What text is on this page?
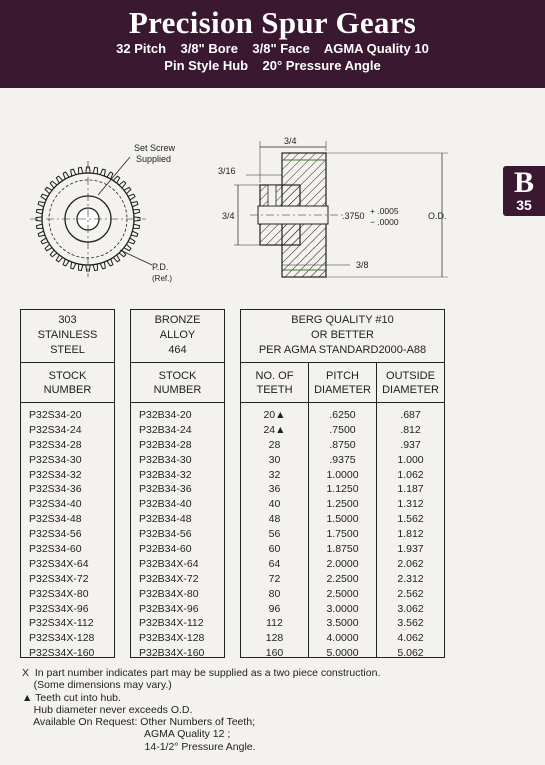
Precision Spur Gears
32 Pitch    3/8" Bore    3/8" Face    AGMA Quality 10
Pin Style Hub    20° Pressure Angle
B
35
Set Screw
Supplied
P.D.
(Ref.)
3/4
3/16
3/4	.3750 + .0005
− .0000
3/8
O.D.
303
STAINLESS
STEEL
STOCK
NUMBER
P32S34-20
P32S34-24
P32S34-28
P32S34-30
P32S34-32
P32S34-36
P32S34-40
P32S34-48
P32S34-56
P32S34-60
P32S34X-64
P32S34X-72
P32S34X-80
P32S34X-96
P32S34X-112
P32S34X-128
P32S34X-160
BRONZE
ALLOY
464
STOCK
NUMBER
P32B34-20
P32B34-24
P32B34-28
P32B34-30
P32B34-32
P32B34-36
P32B34-40
P32B34-48
P32B34-56
P32B34-60
P32B34X-64
P32B34X-72
P32B34X-80
P32B34X-96
P32B34X-112
P32B34X-128
P32B34X-160
BERG QUALITY #10
OR BETTER
PER AGMA STANDARD2000-A88
NO. OF
TEETH
20▲
24▲
28
30
32
36
40
48
56
60
64
72
80
96
112
128
160
PITCH
DIAMETER
.6250
.7500
.8750
.9375
1.0000
1.1250
1.2500
1.5000
1.7500
1.8750
2.0000
2.2500
2.5000
3.0000
3.5000
4.0000
5.0000
OUTSIDE
DIAMETER
.687
.812
.937
1.000
1.062
1.187
1.312
1.562
1.812
1.937
2.062
2.312
2.562
3.062
3.562
4.062
5.062
X  In part number indicates part may be supplied as a two piece construction.
(Some dimensions may vary.)
▲ Teeth cut into hub.
Hub diameter never exceeds O.D.
Available On Request: Other Numbers of Teeth;
AGMA Quality 12 ;
14-1/2° Pressure Angle.
